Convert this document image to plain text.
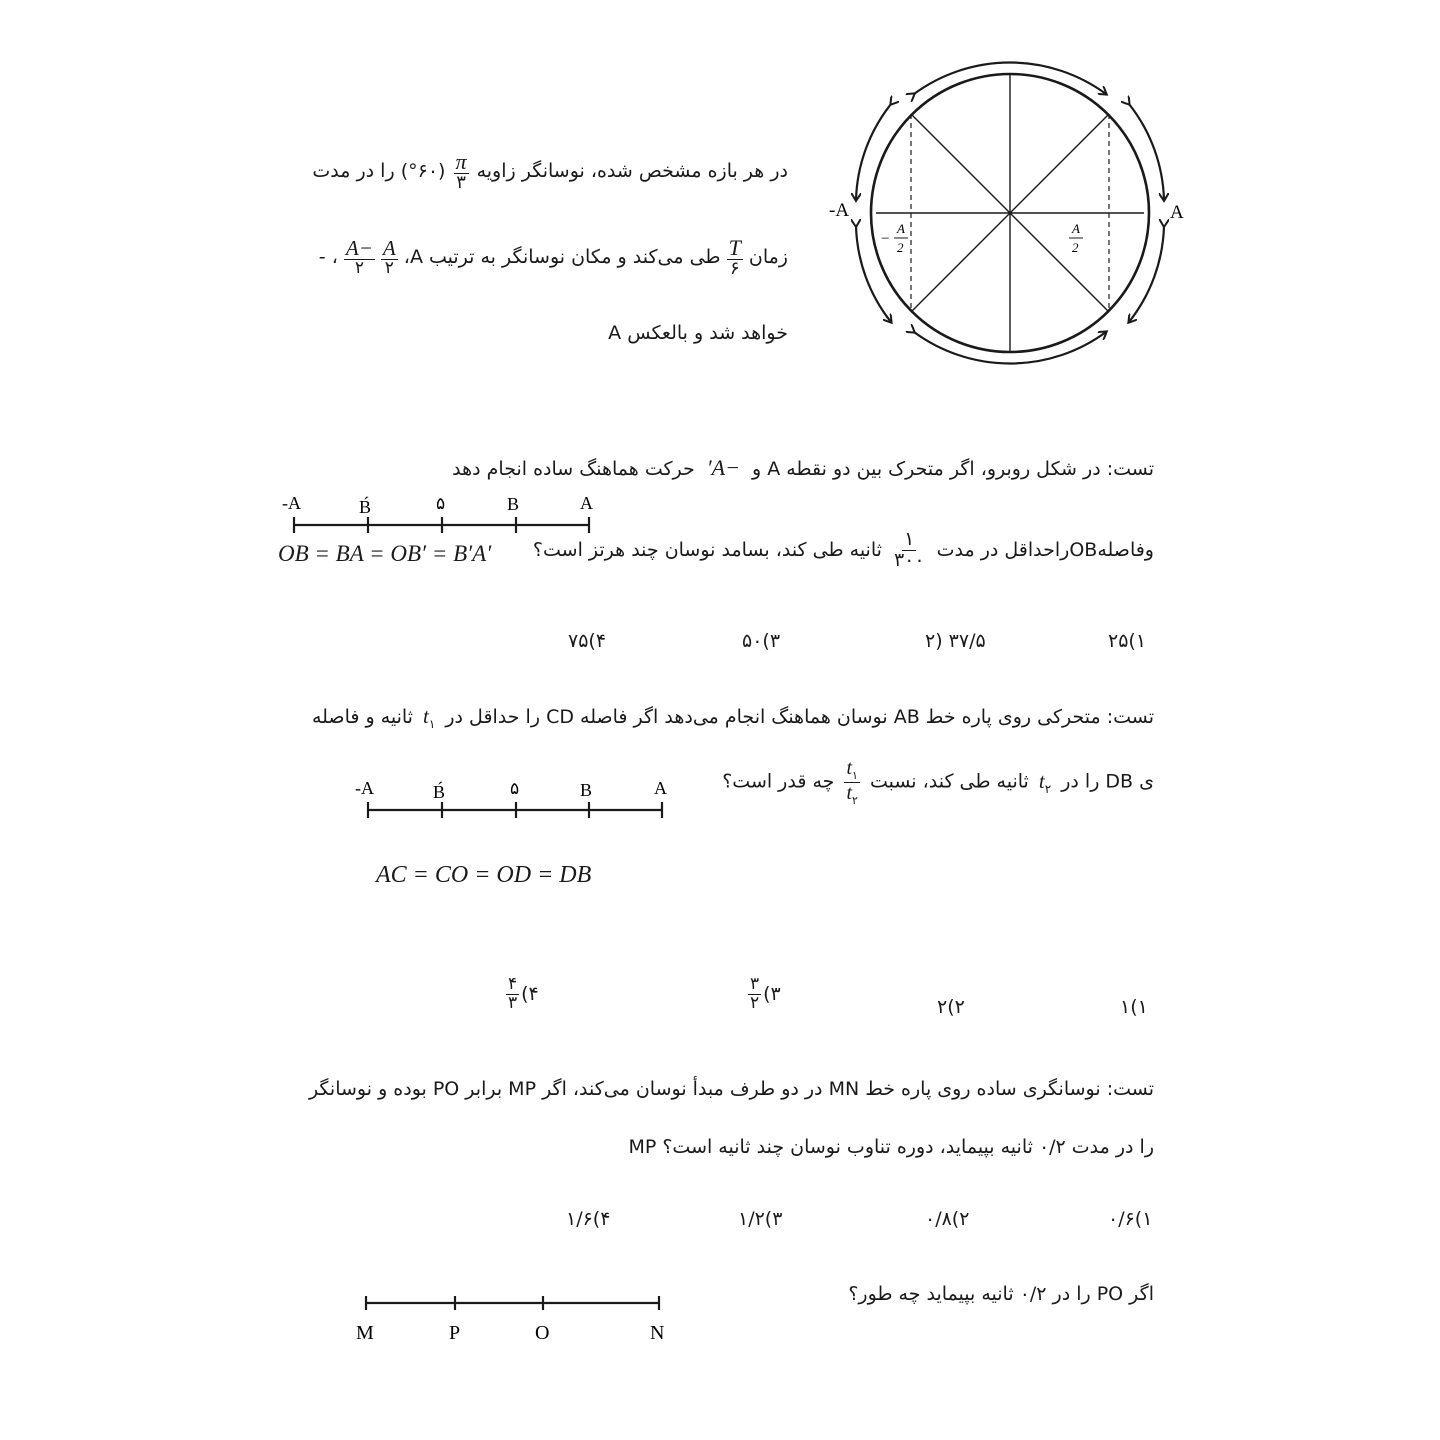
در هر بازه مشخص شده، نوسانگر زاویه
$\frac{\pi}{۳}$
(۶۰°) را در مدت
زمان
$\frac{T}{۶}$
طی می‌کند و مکان نوسانگر به ترتیب A،
$\frac{A}{۲}$

$\frac{-A}{۲}$
، -
A خواهد شد و بالعکس
-A	A
−
A
2
A
2
تست: در شکل روبرو، اگر متحرک بین دو نقطه A و −A′ حرکت هماهنگ ساده انجام دهد
-A	B́	۵	B	A
OB = BA = OB′ = B′A′	وفاصلهOBراحداقل در مدت
$\frac{۱}{۳۰۰}$
ثانیه طی کند، بسامد نوسان چند هرتز است؟
۲۵(۱
۲) ۳۷/۵
۵۰(۳
۷۵(۴
تست: متحرکی روی پاره خط AB نوسان هماهنگ انجام می‌دهد اگر فاصله CD را حداقل در $t_۱$ ثانیه و فاصله
ی DB را در $t_۲$ ثانیه طی کند، نسبت
$\frac{t_۱}{t_۲}$
چه قدر است؟
-A	B́	۵	B	A
AC = CO = OD = DB
۱(۱
۲(۲
$\frac{۳}{۲}$ (۳
$\frac{۴}{۳}$ (۴
تست: نوسانگری ساده روی پاره خط MN در دو طرف مبدأ نوسان می‌کند، اگر MP برابر PO بوده و نوسانگر
MP را در مدت ۰/۲ ثانیه بپیماید، دوره تناوب نوسان چند ثانیه است؟
۰/۶(۱
۰/۸(۲
۱/۲(۳
۱/۶(۴
اگر PO را در ۰/۲ ثانیه بپیماید چه طور؟
M	P	O	N
